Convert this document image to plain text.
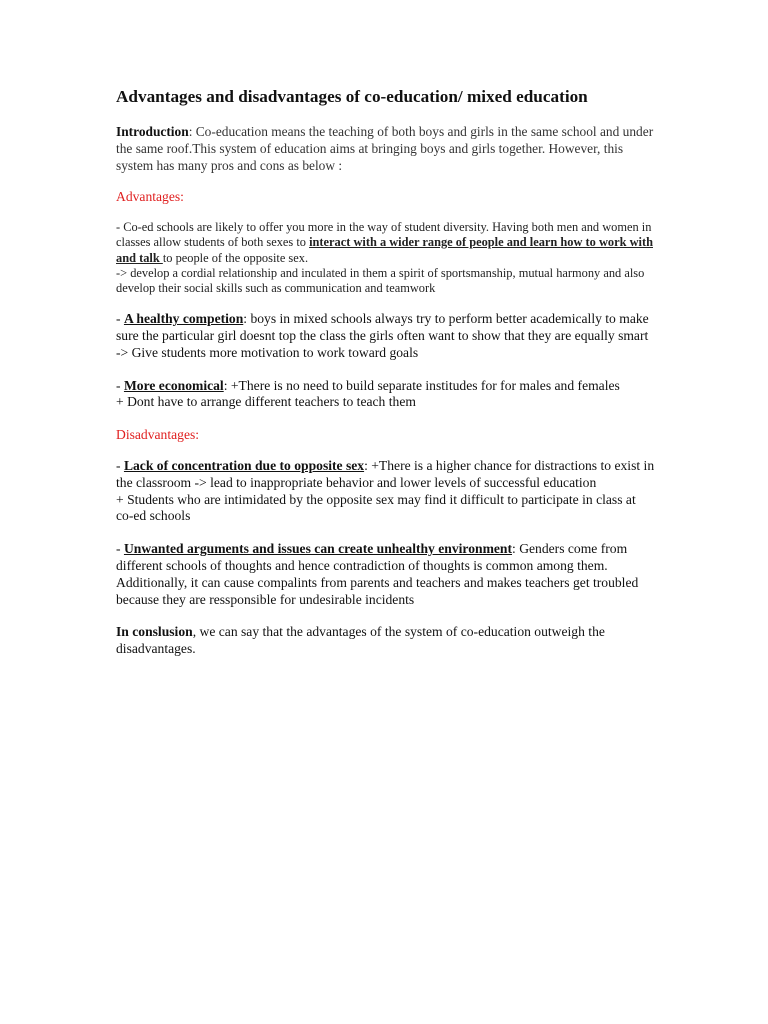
Advantages and disadvantages of co-education/ mixed education

Introduction: Co-education means the teaching of both boys and girls in the same school and under the same roof.This system of education aims at bringing boys and girls together. However, this system has many pros and cons as below :

Advantages:

- Co-ed schools are likely to offer you more in the way of student diversity. Having both men and women in classes allow students of both sexes to interact with a wider range of people and learn how to work with and talk to people of the opposite sex.
-> develop a cordial relationship and inculated in them a spirit of sportsmanship, mutual harmony and also develop their social skills such as communication and teamwork

- A healthy competion: boys in mixed schools always try to perform better academically to make sure the particular girl doesnt top the class the girls often want to show that they are equally smart -> Give students more motivation to work toward goals

- More economical: +There is no need to build separate institudes for for males and females
+ Dont have to arrange different teachers to teach them

Disadvantages:

- Lack of concentration due to opposite sex: +There is a higher chance for distractions to exist in the classroom -> lead to inappropriate behavior and lower levels of successful education
+ Students who are intimidated by the opposite sex may find it difficult to participate in class at co-ed schools

- Unwanted arguments and issues can create unhealthy environment: Genders come from different schools of thoughts and hence contradiction of thoughts is common among them. Additionally, it can cause compalints from parents and teachers and makes teachers get troubled because they are ressponsible for undesirable incidents

In conslusion, we can say that the advantages of the system of co-education outweigh the disadvantages.
